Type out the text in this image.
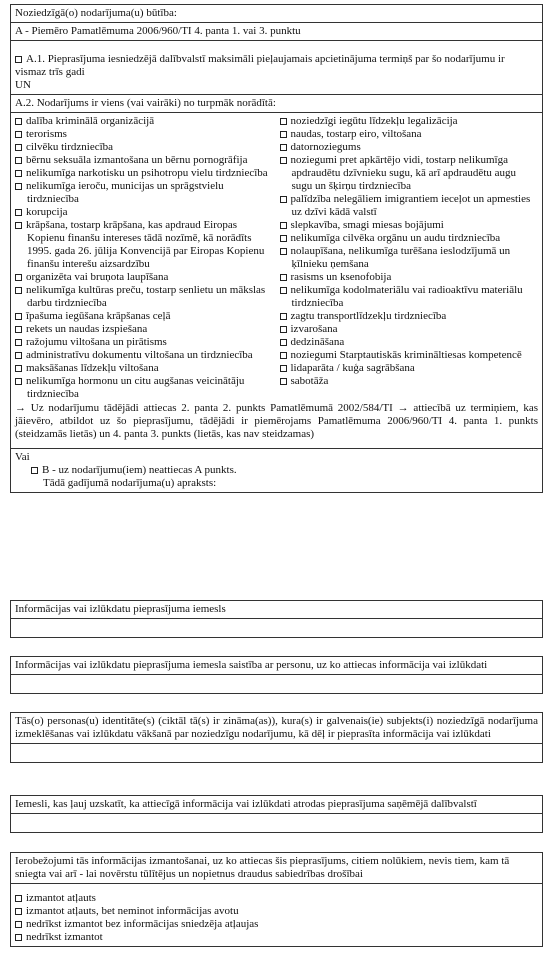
Noziedzīgā(o) nodarījuma(u) būtība:
A - Piemēro Pamatlēmuma 2006/960/TI 4. panta 1. vai 3. punktu
A.1. Pieprasījuma iesniedzējā dalībvalstī maksimāli pieļaujamais apcietinājuma termiņš par šo nodarījumu ir vismaz trīs gadi
UN
A.2. Nodarījums ir viens (vai vairāki) no turpmāk norādītā:
dalība kriminālā organizācijā
terorisms
cilvēku tirdzniecība
bērnu seksuāla izmantošana un bērnu pornogrāfija
nelikumīga narkotisku un psihotropu vielu tirdzniecība
nelikumīga ieroču, municijas un sprāgstvielu tirdzniecība
korupcija
krāpšana, tostarp krāpšana, kas apdraud Eiropas Kopienu finanšu intereses tādā nozīmē, kā norādīts 1995. gada 26. jūlija Konvencijā par Eiropas Kopienu finanšu interešu aizsardzību
organizēta vai bruņota laupīšana
nelikumīga kultūras preču, tostarp senlietu un mākslas darbu tirdzniecība
īpašuma iegūšana krāpšanas ceļā
rekets un naudas izspiešana
ražojumu viltošana un pirātisms
administratīvu dokumentu viltošana un tirdzniecība
maksāšanas līdzekļu viltošana
nelikumīga hormonu un citu augšanas veicinātāju tirdzniecība
noziedzīgi iegūtu līdzekļu legalizācija
naudas, tostarp eiro, viltošana
datornoziegums
noziegumi pret apkārtējo vidi, tostarp nelikumīga apdraudētu dzīvnieku sugu, kā arī apdraudētu augu sugu un šķirņu tirdzniecība
palīdzība nelegāliem imigrantiem ieceļot un apmesties uz dzīvi kādā valstī
slepkavība, smagi miesas bojājumi
nelikumīga cilvēka orgānu un audu tirdzniecība
nolaupīšana, nelikumīga turēšana ieslodzījumā un ķīlnieku ņemšana
rasisms un ksenofobija
nelikumīga kodolmateriālu vai radioaktīvu materiālu tirdzniecība
zagtu transportlīdzekļu tirdzniecība
izvarošana
dedzināšana
noziegumi Starptautiskās krimināltiesas kompetencē
lidaparāta / kuģa sagrābšana
sabotāža
→ Uz nodarījumu tādējādi attiecas 2. panta 2. punkts Pamatlēmumā 2002/584/TI → attiecībā uz termiņiem, kas jāievēro, atbildot uz šo pieprasījumu, tādējādi ir piemērojams Pamatlēmuma 2006/960/TI 4. panta 1. punkts (steidzamās lietās) un 4. panta 3. punkts (lietās, kas nav steidzamas)
Vai
B - uz nodarījumu(iem) neattiecas A punkts.
Tādā gadījumā nodarījuma(u) apraksts:
Informācijas vai izlūkdatu pieprasījuma iemesls
Informācijas vai izlūkdatu pieprasījuma iemesla saistība ar personu, uz ko attiecas informācija vai izlūkdati
Tās(o) personas(u) identitāte(s) (ciktāl tā(s) ir zināma(as)), kura(s) ir galvenais(ie) subjekts(i) noziedzīgā nodarījuma izmeklēšanas vai izlūkdatu vākšanā par noziedzīgu nodarījumu, kā dēļ ir pieprasīta informācija vai izlūkdati
Iemesli, kas ļauj uzskatīt, ka attiecīgā informācija vai izlūkdati atrodas pieprasījuma saņēmējā dalībvalstī
Ierobežojumi tās informācijas izmantošanai, uz ko attiecas šis pieprasījums, citiem nolūkiem, nevis tiem, kam tā sniegta vai arī - lai novērstu tūlītējus un nopietnus draudus sabiedrības drošībai
izmantot atļauts
izmantot atļauts, bet neminot informācijas avotu
nedrīkst izmantot bez informācijas sniedzēja atļaujas
nedrīkst izmantot
